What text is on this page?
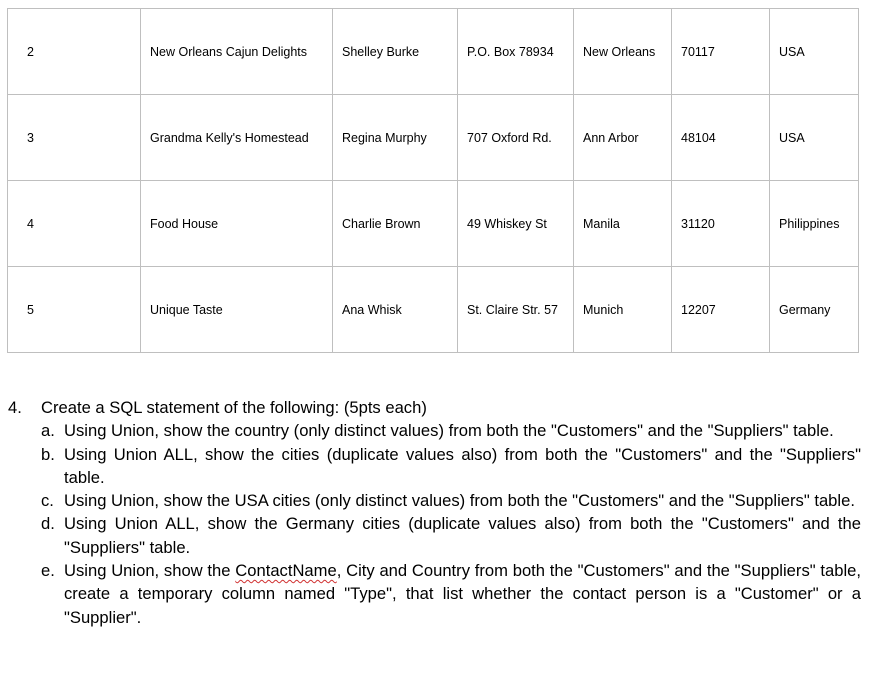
2	New Orleans Cajun Delights	Shelley Burke	P.O. Box 78934	New Orleans	70117	USA
3	Grandma Kelly's Homestead	Regina Murphy	707 Oxford Rd.	Ann Arbor	48104	USA
4	Food House	Charlie Brown	49 Whiskey St	Manila	31120	Philippines
5	Unique Taste	Ana Whisk	St. Claire Str. 57	Munich	12207	Germany
4. Create a SQL statement of the following: (5pts each)
a. Using Union, show the country (only distinct values) from both the "Customers" and the "Suppliers" table.
b. Using Union ALL, show the cities (duplicate values also) from both the "Customers" and the "Suppliers" table.
c. Using Union, show the USA cities (only distinct values) from both the "Customers" and the "Suppliers" table.
d. Using Union ALL, show the Germany cities (duplicate values also) from both the "Customers" and the "Suppliers" table.
e. Using Union, show the ContactName, City and Country from both the "Customers" and the "Suppliers" table, create a temporary column named "Type", that list whether the contact person is a "Customer" or a "Supplier".
